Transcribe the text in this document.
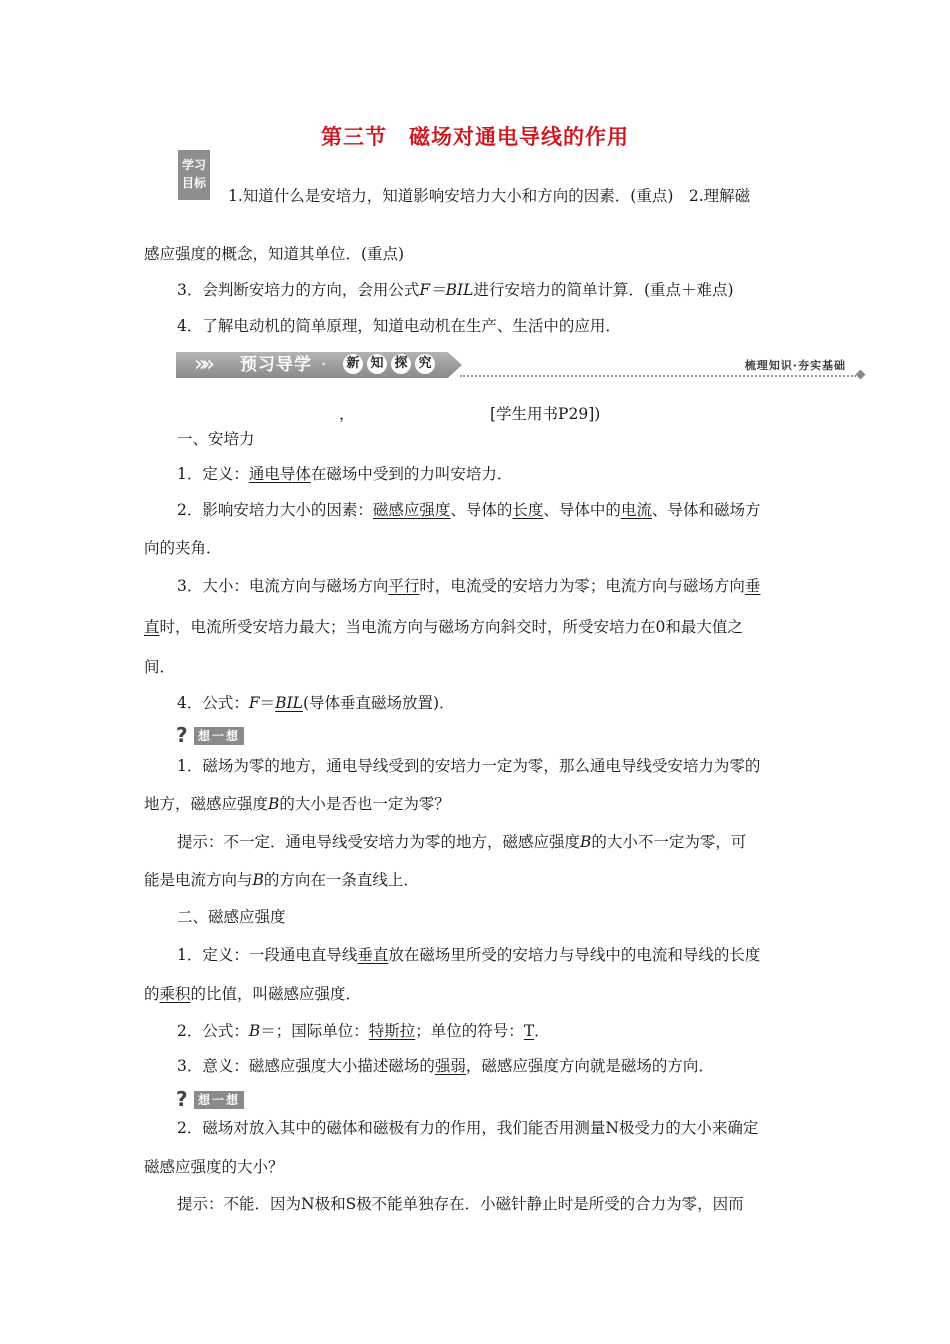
第三节　磁场对通电导线的作用
学习
目标
1.知道什么是安培力，知道影响安培力大小和方向的因素．(重点)　2.理解磁
感应强度的概念，知道其单位．(重点)
3．会判断安培力的方向，会用公式F＝BIL进行安培力的简单计算．(重点＋难点)
4．了解电动机的简单原理，知道电动机在生产、生活中的应用．
»» 预习导学 · 新 知 探 究	梳理知识·夯实基础
，	[学生用书P29])
一、安培力
1．定义：通电导体在磁场中受到的力叫安培力．
2．影响安培力大小的因素：磁感应强度、导体的长度、导体中的电流、导体和磁场方
向的夹角．
3．大小：电流方向与磁场方向平行时，电流受的安培力为零；电流方向与磁场方向垂
直时，电流所受安培力最大；当电流方向与磁场方向斜交时，所受安培力在0和最大值之
间．
4．公式：F＝BIL(导体垂直磁场放置)．
? 想一想
1．磁场为零的地方，通电导线受到的安培力一定为零，那么通电导线受安培力为零的
地方，磁感应强度B的大小是否也一定为零？
提示：不一定．通电导线受安培力为零的地方，磁感应强度B的大小不一定为零，可
能是电流方向与B的方向在一条直线上．
二、磁感应强度
1．定义：一段通电直导线垂直放在磁场里所受的安培力与导线中的电流和导线的长度
的乘积的比值，叫磁感应强度．
2．公式：B＝；国际单位：特斯拉；单位的符号：T．
3．意义：磁感应强度大小描述磁场的强弱，磁感应强度方向就是磁场的方向．
? 想一想
2．磁场对放入其中的磁体和磁极有力的作用，我们能否用测量N极受力的大小来确定
磁感应强度的大小？
提示：不能．因为N极和S极不能单独存在．小磁针静止时是所受的合力为零，因而
